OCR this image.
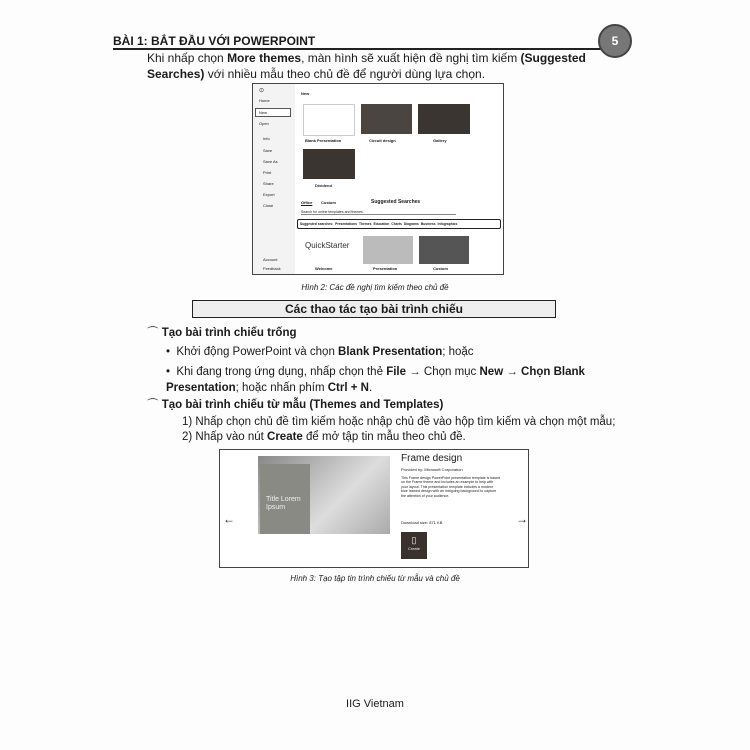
BÀI 1: BẮT ĐẦU VỚI POWERPOINT	5
Khi nhấp chọn More themes, màn hình sẽ xuất hiện đề nghị tìm kiếm (Suggested Searches) với nhiều mẫu theo chủ đề để người dùng lựa chọn.
⊙
Home
New
Open
Info
Save
Save As
Print
Share
Export
Close
Account
Feedback
New
Blank Presentation	Circuit design	Gallery
Dividend
Office Custom	Suggested Searches
Search for online templates and themes
Suggested searches: Presentations Themes Education Charts Diagrams Business Infographics
QuickStarter
Welcome	Presentation	Custom
Hình 2: Các đề nghị tìm kiếm theo chủ đề
Các thao tác tạo bài trình chiếu
⌒ Tạo bài trình chiếu trống
•  Khởi động PowerPoint và chọn Blank Presentation; hoặc
•  Khi đang trong ứng dụng, nhấp chọn thẻ File → Chọn mục New → Chọn Blank Presentation; hoặc nhấn phím Ctrl + N.
⌒ Tạo bài trình chiếu từ mẫu (Themes and Templates)
1) Nhấp chọn chủ đề tìm kiếm hoặc nhập chủ đề vào hộp tìm kiếm và chọn một mẫu;
2) Nhấp vào nút Create để mở tập tin mẫu theo chủ đề.
←	→
Title Lorem Ipsum
Frame design
Provided by: Microsoft Corporation
This Frame design PowerPoint presentation template is based on the Frame theme and includes an example to help with your layout. This presentation template includes a modern blue framed design with an intriguing background to capture the attention of your audience.
Download size: 871 KB
▯
Create
Hình 3: Tạo tập tin trình chiếu từ mẫu và chủ đề
IIG Vietnam
